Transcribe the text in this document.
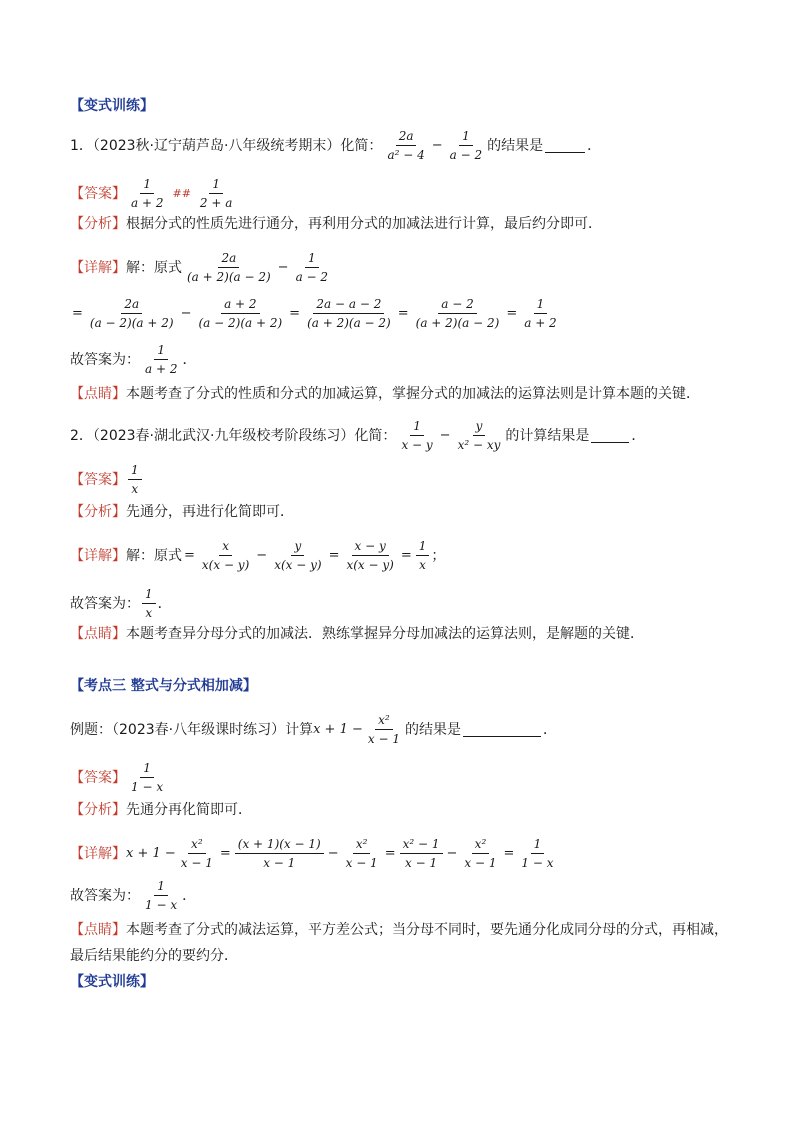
【变式训练】
1．（2023秋·辽宁葫芦岛·八年级统考期末）化简： $\frac{2a}{\text{a² − 4}} - \frac{1}{a - 2}$ 的结果是	．
【答案】 $\frac{1}{a + 2}$ ## $\frac{1}{2 + a}$
【分析】 根据分式的性质先进行通分，再利用分式的加减法进行计算，最后约分即可．
【详解】 解：原式 $\frac{2a}{(a + 2)(a - 2)} - \frac{1}{a - 2}$
= $\frac{2a}{(a - 2)(a + 2)} - \frac{a + 2}{(a - 2)(a + 2)} = \frac{2a - a - 2}{(a + 2)(a - 2)} = \frac{a - 2}{(a + 2)(a - 2)} = \frac{1}{a + 2}$
故答案为： $\frac{1}{a + 2}$ ．
【点睛】 本题考查了分式的性质和分式的加减运算，掌握分式的加减法的运算法则是计算本题的关键．
2．（2023春·湖北武汉·九年级校考阶段练习）化简： $\frac{1}{x - y} - \frac{y}{\text{x² − xy}}$ 的计算结果是	．
【答案】 $\frac{1}{x}$
【分析】 先通分，再进行化简即可．
【详解】 解：原式 = $\frac{x}{x(x - y)} - \frac{y}{x(x - y)} = \frac{x - y}{x(x - y)} = \frac{1}{x}$ ；
故答案为： $\frac{1}{x}$ ．
【点睛】 本题考查异分母分式的加减法．熟练掌握异分母加减法的运算法则，是解题的关键．
【考点三 整式与分式相加减】
例题：（2023春·八年级课时练习）计算 $x + 1 - \frac{\text{x²}}{x - 1}$ 的结果是	．
【答案】 $\frac{1}{1 - x}$
【分析】 先通分再化简即可．
【详解】 $x + 1 - \frac{\text{x²}}{x - 1} = \frac{(x + 1)(x - 1)}{x - 1} - \frac{\text{x²}}{x - 1} = \frac{\text{x² − 1}}{x - 1} - \frac{\text{x²}}{x - 1} = \frac{1}{1 - x}$
故答案为： $\frac{1}{1 - x}$ ．
【点睛】 本题考查了分式的减法运算，平方差公式；当分母不同时，要先通分化成同分母的分式，再相减，
最后结果能约分的要约分．
【变式训练】
